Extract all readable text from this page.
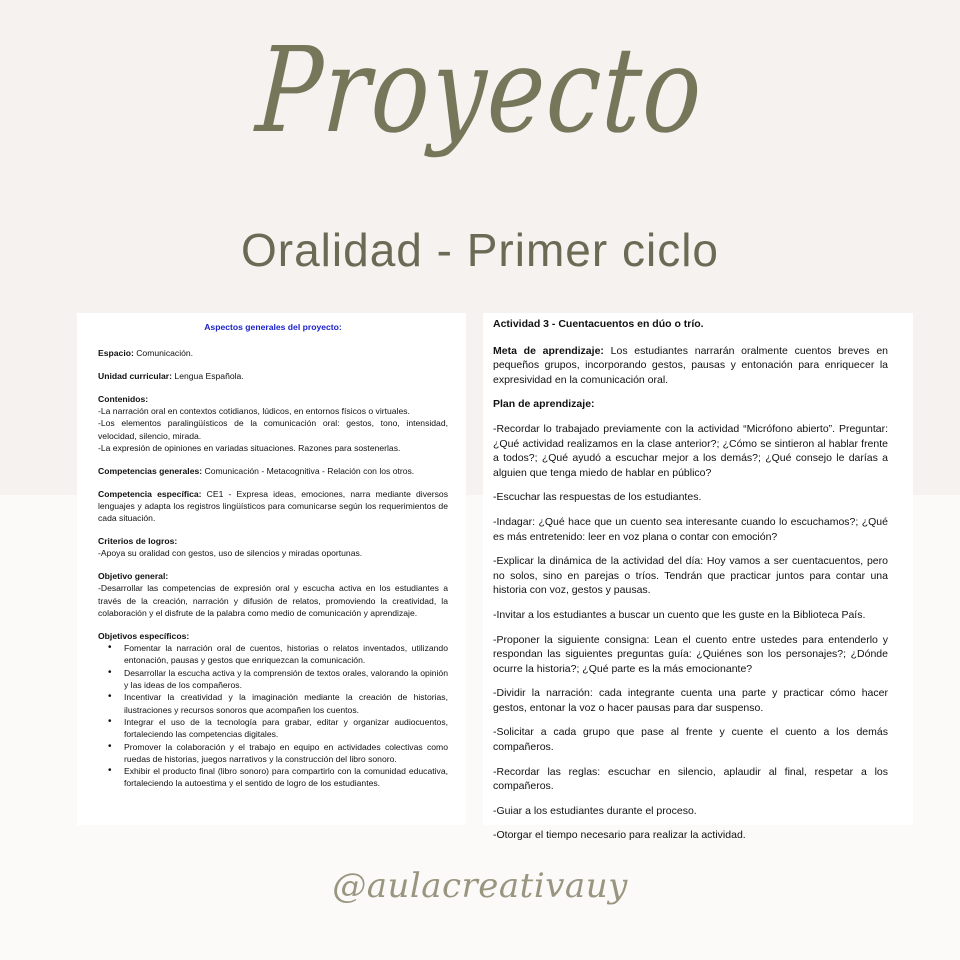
Proyecto
Oralidad - Primer ciclo

Aspectos generales del proyecto:

Espacio: Comunicación.

Unidad curricular: Lengua Española.

Contenidos:
-La narración oral en contextos cotidianos, lúdicos, en entornos físicos o virtuales.
-Los elementos paralingüísticos de la comunicación oral: gestos, tono, intensidad, velocidad, silencio, mirada.
-La expresión de opiniones en variadas situaciones. Razones para sostenerlas.

Competencias generales: Comunicación - Metacognitiva - Relación con los otros.

Competencia específica: CE1 - Expresa ideas, emociones, narra mediante diversos lenguajes y adapta los registros lingüísticos para comunicarse según los requerimientos de cada situación.

Criterios de logros:
-Apoya su oralidad con gestos, uso de silencios y miradas oportunas.

Objetivo general:
-Desarrollar las competencias de expresión oral y escucha activa en los estudiantes a través de la creación, narración y difusión de relatos, promoviendo la creatividad, la colaboración y el disfrute de la palabra como medio de comunicación y aprendizaje.

Objetivos específicos:

• Fomentar la narración oral de cuentos, historias o relatos inventados, utilizando entonación, pausas y gestos que enriquezcan la comunicación.
• Desarrollar la escucha activa y la comprensión de textos orales, valorando la opinión y las ideas de los compañeros.
• Incentivar la creatividad y la imaginación mediante la creación de historias, ilustraciones y recursos sonoros que acompañen los cuentos.
• Integrar el uso de la tecnología para grabar, editar y organizar audiocuentos, fortaleciendo las competencias digitales.
• Promover la colaboración y el trabajo en equipo en actividades colectivas como ruedas de historias, juegos narrativos y la construcción del libro sonoro.
• Exhibir el producto final (libro sonoro) para compartirlo con la comunidad educativa, fortaleciendo la autoestima y el sentido de logro de los estudiantes.

Actividad 3 - Cuentacuentos en dúo o trío.

Meta de aprendizaje: Los estudiantes narrarán oralmente cuentos breves en pequeños grupos, incorporando gestos, pausas y entonación para enriquecer la expresividad en la comunicación oral.

Plan de aprendizaje:

-Recordar lo trabajado previamente con la actividad “Micrófono abierto”. Preguntar: ¿Qué actividad realizamos en la clase anterior?; ¿Cómo se sintieron al hablar frente a todos?; ¿Qué ayudó a escuchar mejor a los demás?; ¿Qué consejo le darías a alguien que tenga miedo de hablar en público?

-Escuchar las respuestas de los estudiantes.

-Indagar: ¿Qué hace que un cuento sea interesante cuando lo escuchamos?; ¿Qué es más entretenido: leer en voz plana o contar con emoción?

-Explicar la dinámica de la actividad del día: Hoy vamos a ser cuentacuentos, pero no solos, sino en parejas o tríos. Tendrán que practicar juntos para contar una historia con voz, gestos y pausas.

-Invitar a los estudiantes a buscar un cuento que les guste en la Biblioteca País.

-Proponer la siguiente consigna: Lean el cuento entre ustedes para entenderlo y respondan las siguientes preguntas guía: ¿Quiénes son los personajes?; ¿Dónde ocurre la historia?; ¿Qué parte es la más emocionante?

-Dividir la narración: cada integrante cuenta una parte y practicar cómo hacer gestos, entonar la voz o hacer pausas para dar suspenso.

-Solicitar a cada grupo que pase al frente y cuente el cuento a los demás compañeros.

-Recordar las reglas: escuchar en silencio, aplaudir al final, respetar a los compañeros.

-Guiar a los estudiantes durante el proceso.

-Otorgar el tiempo necesario para realizar la actividad.

@aulacreativauy
